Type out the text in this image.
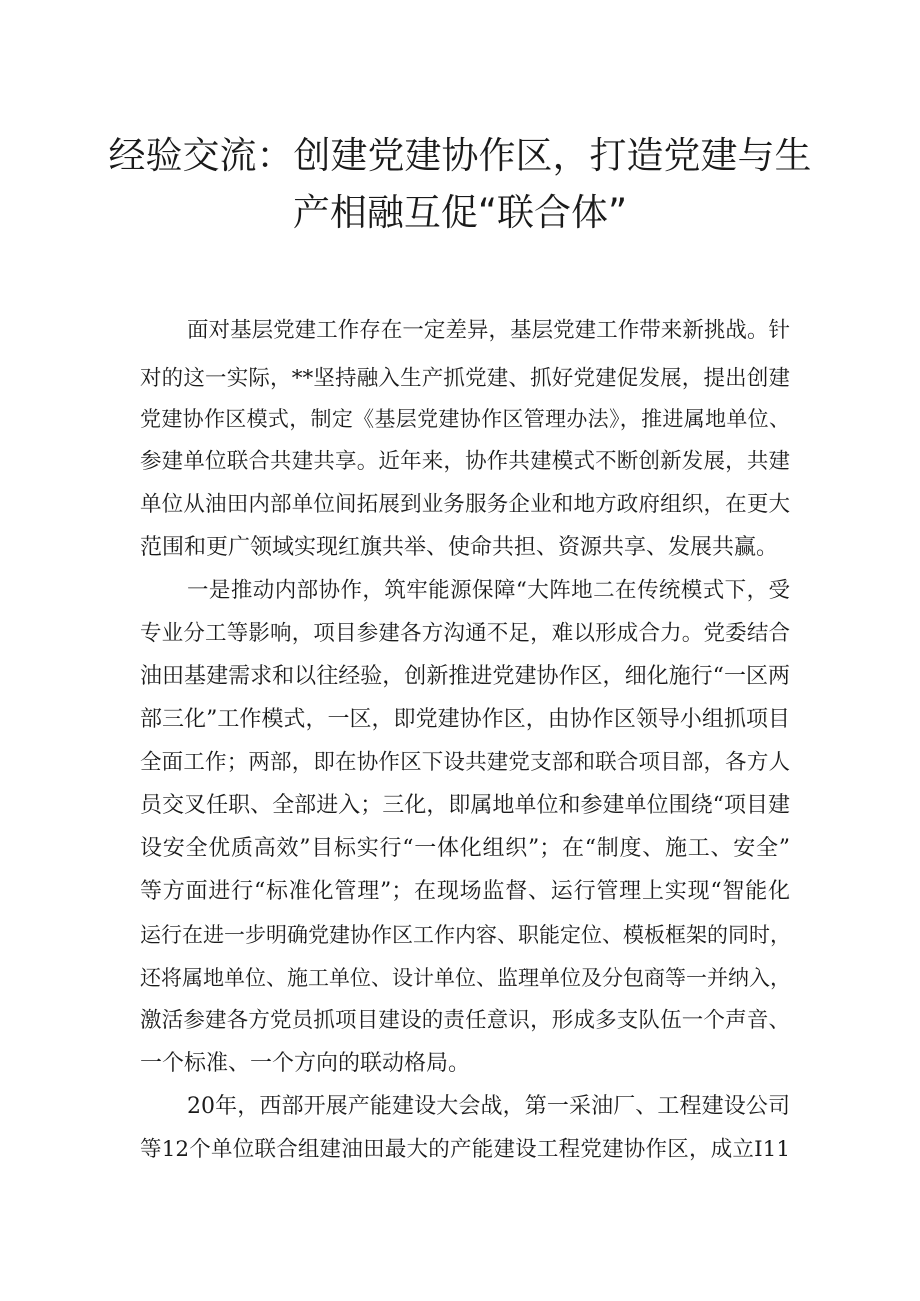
经验交流：创建党建协作区，打造党建与生
产相融互促“联合体”
面对基层党建工作存在一定差异，基层党建工作带来新挑战。针
对的这一实际，**坚持融入生产抓党建、抓好党建促发展，提出创建
党建协作区模式，制定《基层党建协作区管理办法》，推进属地单位、
参建单位联合共建共享。近年来，协作共建模式不断创新发展，共建
单位从油田内部单位间拓展到业务服务企业和地方政府组织，在更大
范围和更广领域实现红旗共举、使命共担、资源共享、发展共赢。
一是推动内部协作，筑牢能源保障“大阵地二在传统模式下，受
专业分工等影响，项目参建各方沟通不足，难以形成合力。党委结合
油田基建需求和以往经验，创新推进党建协作区，细化施行“一区两
部三化”工作模式，一区，即党建协作区，由协作区领导小组抓项目
全面工作；两部，即在协作区下设共建党支部和联合项目部，各方人
员交叉任职、全部进入；三化，即属地单位和参建单位围绕“项目建
设安全优质高效”目标实行“一体化组织”；在“制度、施工、安全”
等方面进行“标准化管理”；在现场监督、运行管理上实现“智能化
运行在进一步明确党建协作区工作内容、职能定位、模板框架的同时，
还将属地单位、施工单位、设计单位、监理单位及分包商等一并纳入，
激活参建各方党员抓项目建设的责任意识，形成多支队伍一个声音、
一个标准、一个方向的联动格局。
20年，西部开展产能建设大会战，第一采油厂、工程建设公司
等12个单位联合组建油田最大的产能建设工程党建协作区，成立I11
